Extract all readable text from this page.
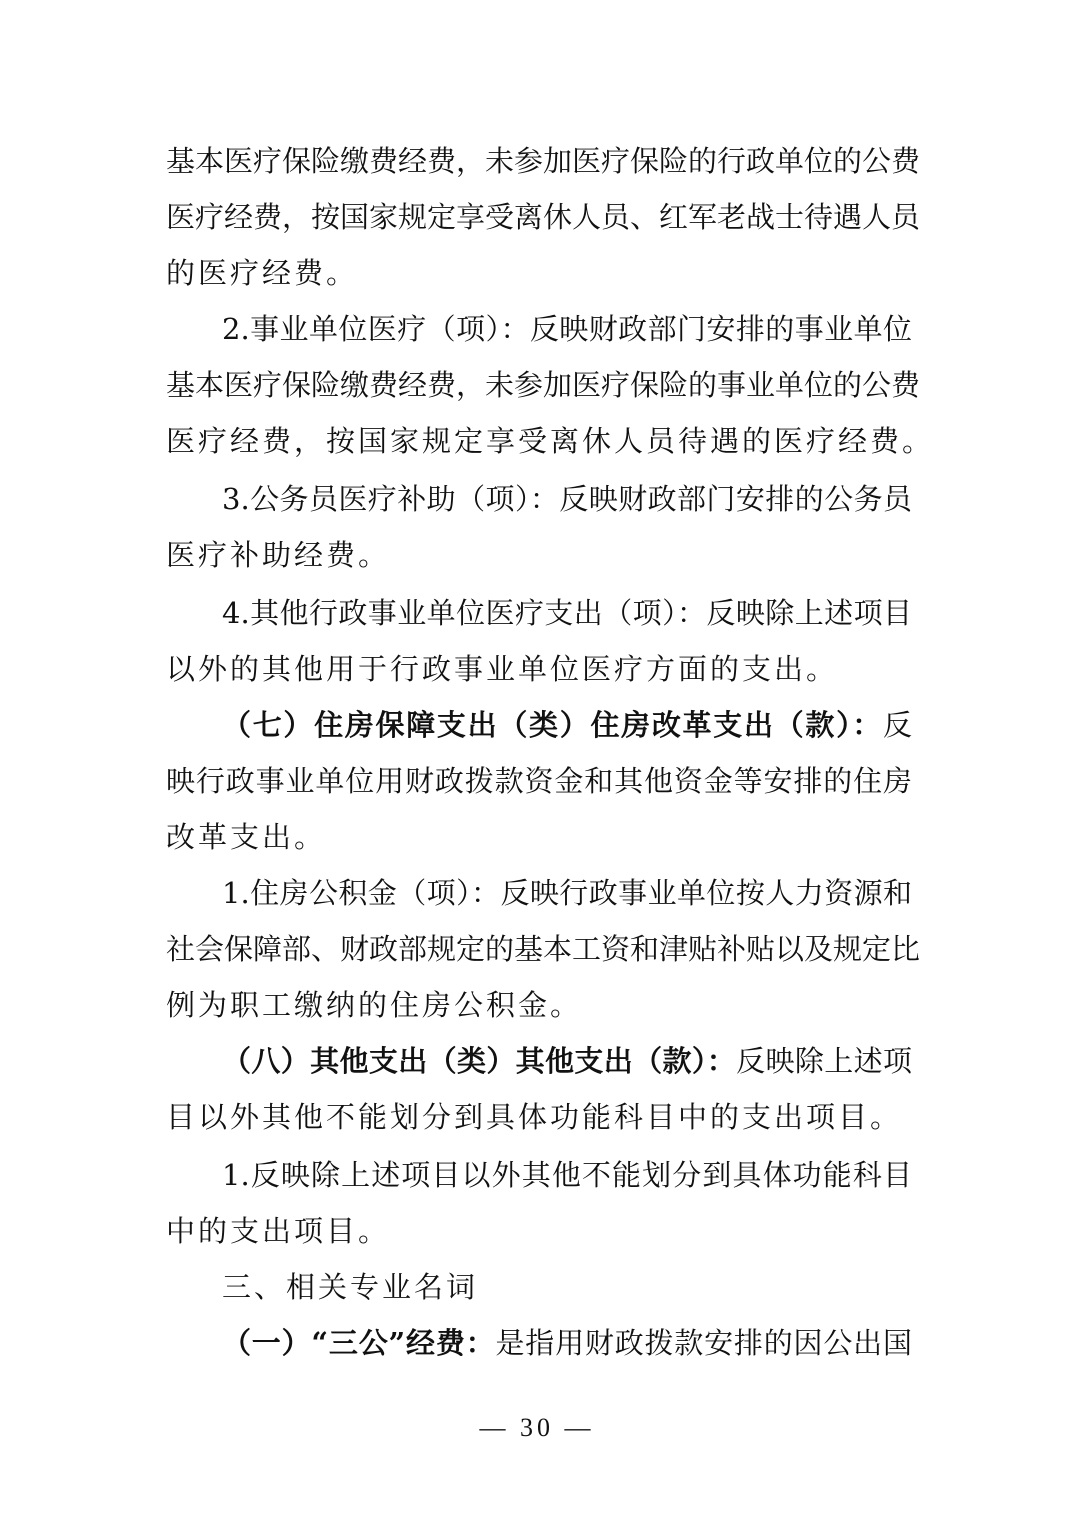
基本医疗保险缴费经费，未参加医疗保险的行政单位的公费
医疗经费，按国家规定享受离休人员、红军老战士待遇人员
的医疗经费。
2.事业单位医疗（项）：反映财政部门安排的事业单位
基本医疗保险缴费经费，未参加医疗保险的事业单位的公费
医疗经费，按国家规定享受离休人员待遇的医疗经费。
3.公务员医疗补助（项）：反映财政部门安排的公务员
医疗补助经费。
4.其他行政事业单位医疗支出（项）：反映除上述项目
以外的其他用于行政事业单位医疗方面的支出。
（七）住房保障支出（类）住房改革支出（款）：反
映行政事业单位用财政拨款资金和其他资金等安排的住房
改革支出。
1.住房公积金（项）：反映行政事业单位按人力资源和
社会保障部、财政部规定的基本工资和津贴补贴以及规定比
例为职工缴纳的住房公积金。
（八）其他支出（类）其他支出（款）：反映除上述项
目以外其他不能划分到具体功能科目中的支出项目。
1.反映除上述项目以外其他不能划分到具体功能科目
中的支出项目。
三、相关专业名词
（一）“三公”经费：是指用财政拨款安排的因公出国
— 30 —
